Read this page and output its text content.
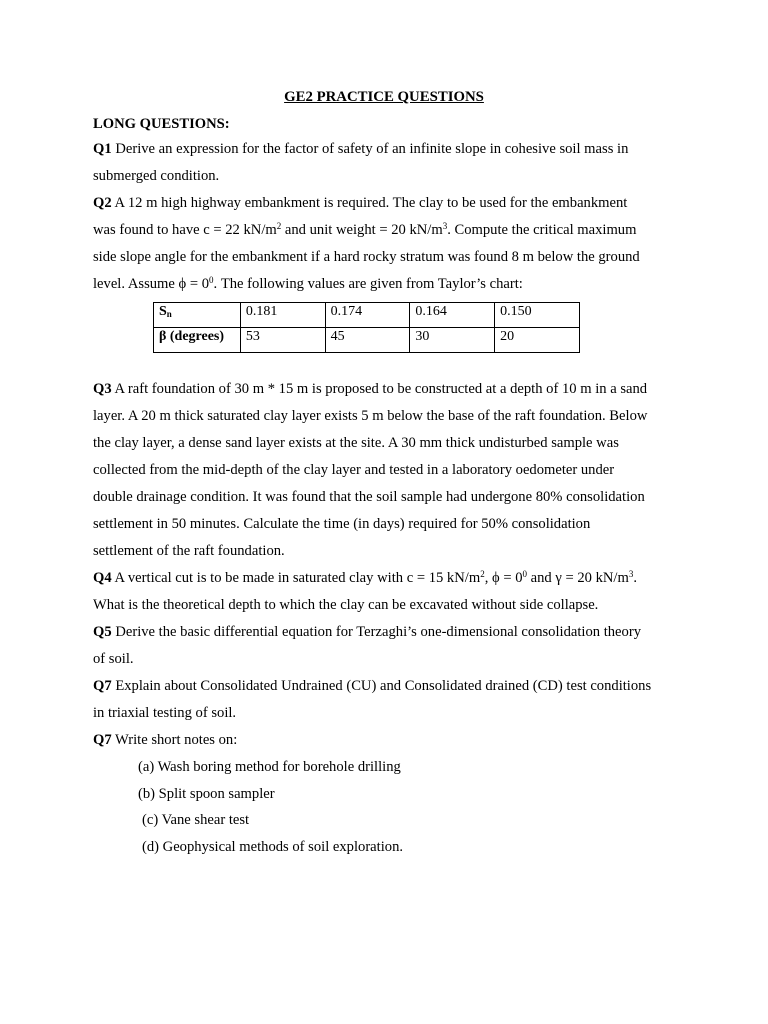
GE2 PRACTICE QUESTIONS
LONG QUESTIONS:
Q1 Derive an expression for the factor of safety of an infinite slope in cohesive soil mass in
submerged condition.
Q2 A 12 m high highway embankment is required. The clay to be used for the embankment
was found to have c = 22 $kN/m^2$ and unit weight = 20 $kN/m^3$. Compute the critical maximum
side slope angle for the embankment if a hard rocky stratum was found 8 m below the ground
level. Assume $\phi = 0^0$. The following values are given from Taylor’s chart:
$S_n$	0.181	0.174	0.164	0.150
β (degrees)	53	45	30	20
Q3 A raft foundation of 30 m * 15 m is proposed to be constructed at a depth of 10 m in a sand
layer. A 20 m thick saturated clay layer exists 5 m below the base of the raft foundation. Below
the clay layer, a dense sand layer exists at the site. A 30 mm thick undisturbed sample was
collected from the mid-depth of the clay layer and tested in a laboratory oedometer under
double drainage condition. It was found that the soil sample had undergone 80% consolidation
settlement in 50 minutes. Calculate the time (in days) required for 50% consolidation
settlement of the raft foundation.
Q4 A vertical cut is to be made in saturated clay with c = 15 $kN/m^2$, $\phi = 0^0$ and γ = 20 $kN/m^3$.
What is the theoretical depth to which the clay can be excavated without side collapse.
Q5 Derive the basic differential equation for Terzaghi’s one-dimensional consolidation theory
of soil.
Q7 Explain about Consolidated Undrained (CU) and Consolidated drained (CD) test conditions
in triaxial testing of soil.
Q7 Write short notes on:
(a) Wash boring method for borehole drilling
(b) Split spoon sampler
(c) Vane shear test
(d) Geophysical methods of soil exploration.
